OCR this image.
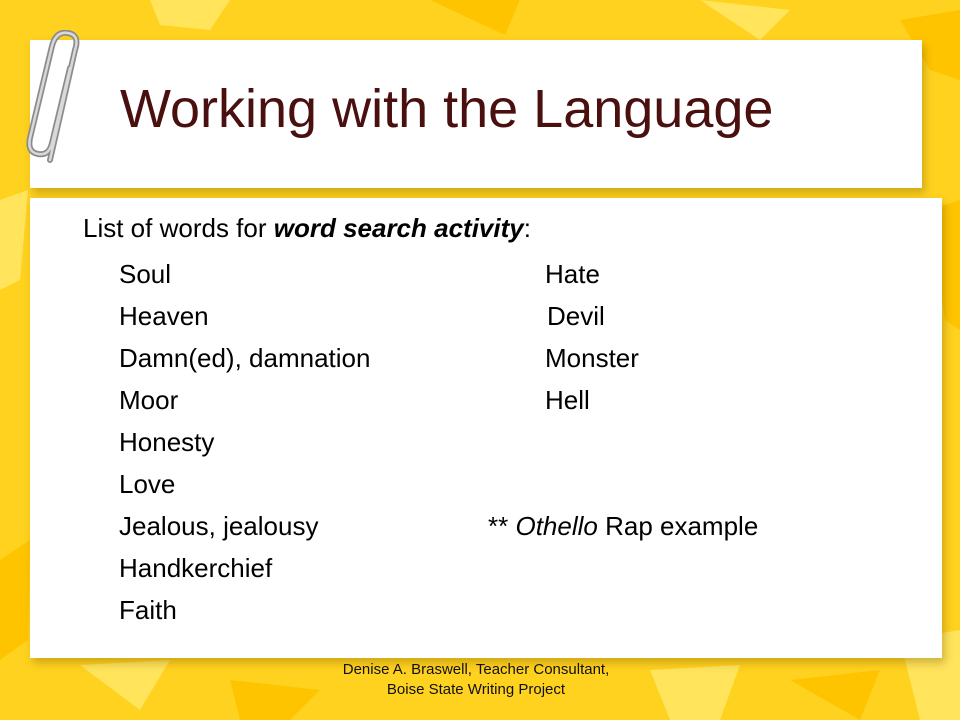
Working with the Language
List of words for word search activity:
Soul
Heaven
Damn(ed), damnation
Moor
Honesty
Love
Jealous, jealousy
Handkerchief
Faith
Hate
Devil
Monster
Hell
** Othello Rap example
Denise A. Braswell, Teacher Consultant, Boise State Writing Project
